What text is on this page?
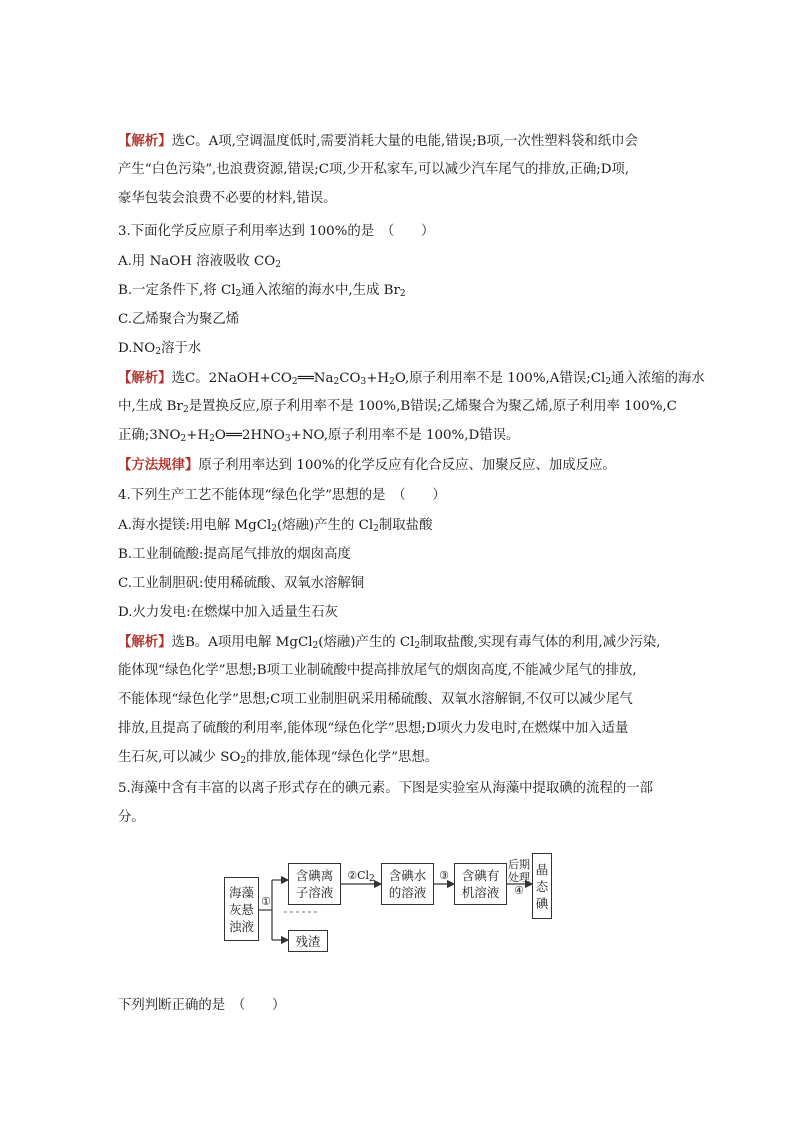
【解析】选C。A项,空调温度低时,需要消耗大量的电能,错误;B项,一次性塑料袋和纸巾会
产生“白色污染”,也浪费资源,错误;C项,少开私家车,可以减少汽车尾气的排放,正确;D项,
豪华包装会浪费不必要的材料,错误。
3.下面化学反应原子利用率达到 100%的是　（　　）
A.用 NaOH 溶液吸收 $CO_2$
B.一定条件下,将 $Cl_2$通入浓缩的海水中,生成 $Br_2$
C.乙烯聚合为聚乙烯
$D.NO_2$溶于水
【解析】选C。$2NaOH+CO_2══Na_2CO_3+H_2O$,原子利用率不是 100%,A错误$;Cl_2$通入浓缩的海水
中,生成 $Br_2$是置换反应,原子利用率不是 100%,B错误;乙烯聚合为聚乙烯,原子利用率 100%,C
正确$;3NO_2+H_2O══2HNO_3+NO$,原子利用率不是 100%,D错误。
【方法规律】原子利用率达到 100%的化学反应有化合反应、加聚反应、加成反应。
4.下列生产工艺不能体现“绿色化学”思想的是　（　　）
A.海水提镁:用电解 MgCl$_2$(熔融)产生的 $Cl_2$制取盐酸
B.工业制硫酸:提高尾气排放的烟囱高度
C.工业制胆矾:使用稀硫酸、双氧水溶解铜
D.火力发电:在燃煤中加入适量生石灰
【解析】选B。A项用电解 MgCl$_2$(熔融)产生的 $Cl_2$制取盐酸,实现有毒气体的利用,减少污染,
能体现“绿色化学”思想;B项工业制硫酸中提高排放尾气的烟囱高度,不能减少尾气的排放,
不能体现“绿色化学”思想;C项工业制胆矾采用稀硫酸、双氧水溶解铜,不仅可以减少尾气
排放,且提高了硫酸的利用率,能体现“绿色化学”思想;D项火力发电时,在燃煤中加入适量
生石灰,可以减少 $SO_2$的排放,能体现“绿色化学”思想。
5.海藻中含有丰富的以离子形式存在的碘元素。下图是实验室从海藻中提取碘的流程的一部
分。
下列判断正确的是　（　　）
海藻
灰悬
浊液
①
含碘离
子溶液
$②Cl_2$	含碘水
的溶液
③	含碘有
机溶液
后期
处理
④
晶
态
碘
残渣
